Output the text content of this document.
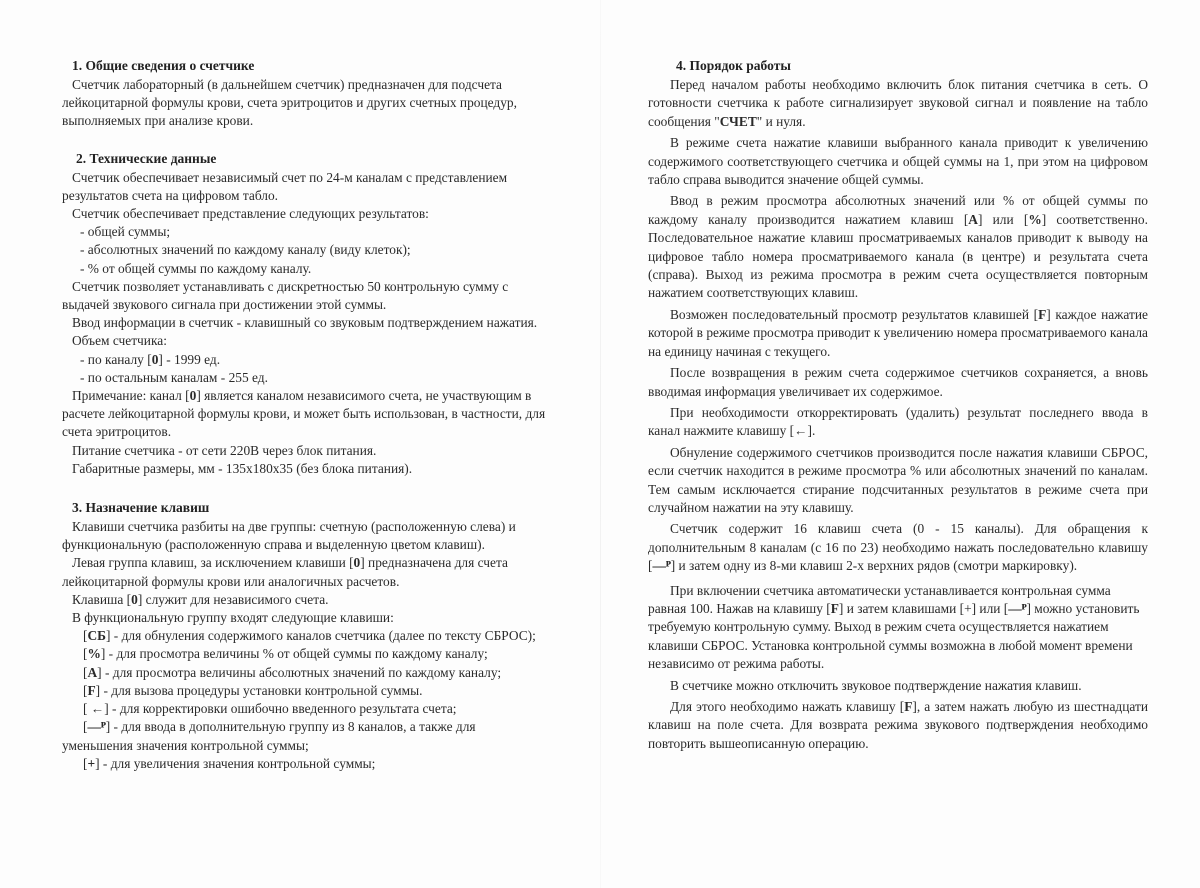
1. Общие сведения о счетчике

Счетчик лабораторный (в дальнейшем счетчик) предназначен для подсчета лейкоцитарной формулы крови, счета эритроцитов и других счетных процедур, выполняемых при анализе крови.

2. Технические данные

Счетчик обеспечивает независимый счет по 24-м каналам с представлением результатов счета на цифровом табло.

Счетчик обеспечивает представление следующих результатов:

- общей суммы;

- абсолютных значений по каждому каналу (виду клеток);

- % от общей суммы по каждому каналу.

Счетчик позволяет устанавливать с дискретностью 50 контрольную сумму с выдачей звукового сигнала при достижении этой суммы.

Ввод информации в счетчик - клавишный со звуковым подтверждением нажатия.

Объем счетчика:

- по каналу [0] - 1999 ед.

- по остальным каналам - 255 ед.

Примечание: канал [0] является каналом независимого счета, не участвующим в расчете лейкоцитарной формулы крови, и может быть использован, в частности, для счета эритроцитов.

Питание счетчика - от сети 220В через блок питания.

Габаритные размеры, мм - 135х180х35 (без блока питания).

3. Назначение клавиш

Клавиши счетчика разбиты на две группы: счетную (расположенную слева) и функциональную (расположенную справа и выделенную цветом клавиш).

Левая группа клавиш, за исключением клавиши [0] предназначена для счета лейкоцитарной формулы крови или аналогичных расчетов.

Клавиша [0] служит для независимого счета.

В функциональную группу входят следующие клавиши:

[СБ] - для обнуления содержимого каналов счетчика (далее по тексту СБРОС);

[%] - для просмотра величины % от общей суммы по каждому каналу;

[A] - для просмотра величины абсолютных значений по каждому каналу;

[F] - для вызова процедуры установки контрольной суммы.

[ ←] - для корректировки ошибочно введенного результата счета;

[—ᴾ] - для ввода в дополнительную группу из 8 каналов, а также для уменьшения значения контрольной суммы;

[+] - для увеличения значения контрольной суммы;

4. Порядок работы

Перед началом работы необходимо включить блок питания счетчика в сеть. О готовности счетчика к работе сигнализирует звуковой сигнал и появление на табло сообщения "СЧЕТ" и нуля.

В режиме счета нажатие клавиши выбранного канала приводит к увеличению содержимого соответствующего счетчика и общей суммы на 1, при этом на цифровом табло справа выводится значение общей суммы.

Ввод в режим просмотра абсолютных значений или % от общей суммы по каждому каналу производится нажатием клавиш [A] или [%] соответственно. Последовательное нажатие клавиш просматриваемых каналов приводит к выводу на цифровое табло номера просматриваемого канала (в центре) и результата счета (справа). Выход из режима просмотра в режим счета осуществляется повторным нажатием соответствующих клавиш.

Возможен последовательный просмотр результатов клавишей [F] каждое нажатие которой в режиме просмотра приводит к увеличению номера просматриваемого канала на единицу начиная с текущего.

После возвращения в режим счета содержимое счетчиков сохраняется, а вновь вводимая информация увеличивает их содержимое.

При необходимости откорректировать (удалить) результат последнего ввода в канал нажмите клавишу [←].

Обнуление содержимого счетчиков производится после нажатия клавиши СБРОС, если счетчик находится в режиме просмотра % или абсолютных значений по каналам. Тем самым исключается стирание подсчитанных результатов в режиме счета при случайном нажатии на эту клавишу.

Счетчик содержит 16 клавиш счета (0 - 15 каналы). Для обращения к дополнительным 8 каналам (с 16 по 23) необходимо нажать последовательно клавишу [—ᴾ] и затем одну из 8-ми клавиш 2-х верхних рядов (смотри маркировку).

При включении счетчика автоматически устанавливается контрольная сумма равная 100. Нажав на клавишу [F] и затем клавишами [+] или [—ᴾ] можно установить требуемую контрольную сумму. Выход в режим счета осуществляется нажатием клавиши СБРОС. Установка контрольной суммы возможна в любой момент времени независимо от режима работы.

В счетчике можно отключить звуковое подтверждение нажатия клавиш.

Для этого необходимо нажать клавишу [F], а затем нажать любую из шестнадцати клавиш на поле счета. Для возврата режима звукового подтверждения необходимо повторить вышеописанную операцию.
